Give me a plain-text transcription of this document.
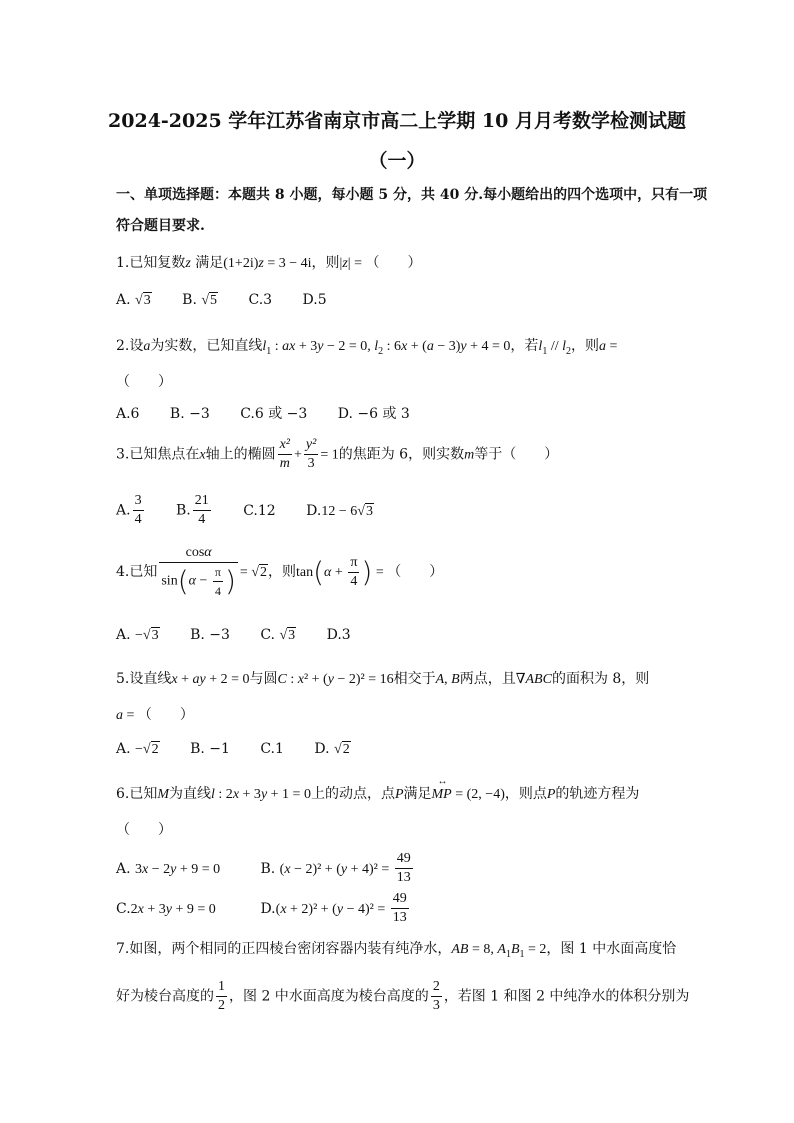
2024-2025 学年江苏省南京市高二上学期 10 月月考数学检测试题
（一）
一、单项选择题：本题共 8 小题，每小题 5 分，共 40 分.每小题给出的四个选项中，只有一项
符合题目要求.
1.已知复数z 满足(1+2i)z = 3 − 4i，则|z| = （　　）
A. √3 B. √5 C.3 D.5
2.设a为实数，已知直线$l_1$ : ax + 3y − 2 = 0, $l_2$ : 6x + (a − 3)y + 4 = 0，若$l_1 // l_2$，则a =
（　　）
A.6 B. −3 C.6 或 −3 D. −6 或 3
3.已知焦点在x轴上的椭圆 $\frac{\text{x²}}{m} + \frac{\text{y²}}{3} = 1$的焦距为 6，则实数m等于（　　）
A. $\frac{3}{4} B$. $\frac{21}{4} C.12$ D.12 − 6√3
4.已知 $\frac{\cos\alpha}{\sin(\alpha - \frac{\pi}{4} )} = √2$，则$\tan(\alpha + \frac{\pi}{4}$ ) = （　　）
A. −√3 B. −3 C. √3 D.3
5.设直线x + ay + 2 = 0与圆C : x² + (y − 2)² = 16相交于A, B两点，且∇ABC的面积为 8，则
a = （　　）
A. −√2 B. −1 C.1 D. √2
6.已知M为直线l : 2x + 3y + 1 = 0上的动点，点P满足
↔
MP = (2, −4)，则点P的轨迹方程为
（　　）
A. 3x − 2y + 9 = 0	B. $(x - 2)^2 + (y + 4)^2 = \frac{49}{13}$
C.2x + 3y + 9 = 0	$D.(x + 2)^2 + (y - 4)^2 = \frac{49}{13}$
7.如图，两个相同的正四棱台密闭容器内装有纯净水，AB = 8, $A_1B_1 = 2$，图 1 中水面高度恰
好为棱台高度的 $\frac{1}{2}$ ，图 2 中水面高度为棱台高度的 $\frac{2}{3}$ ，若图 1 和图 2 中纯净水的体积分别为
